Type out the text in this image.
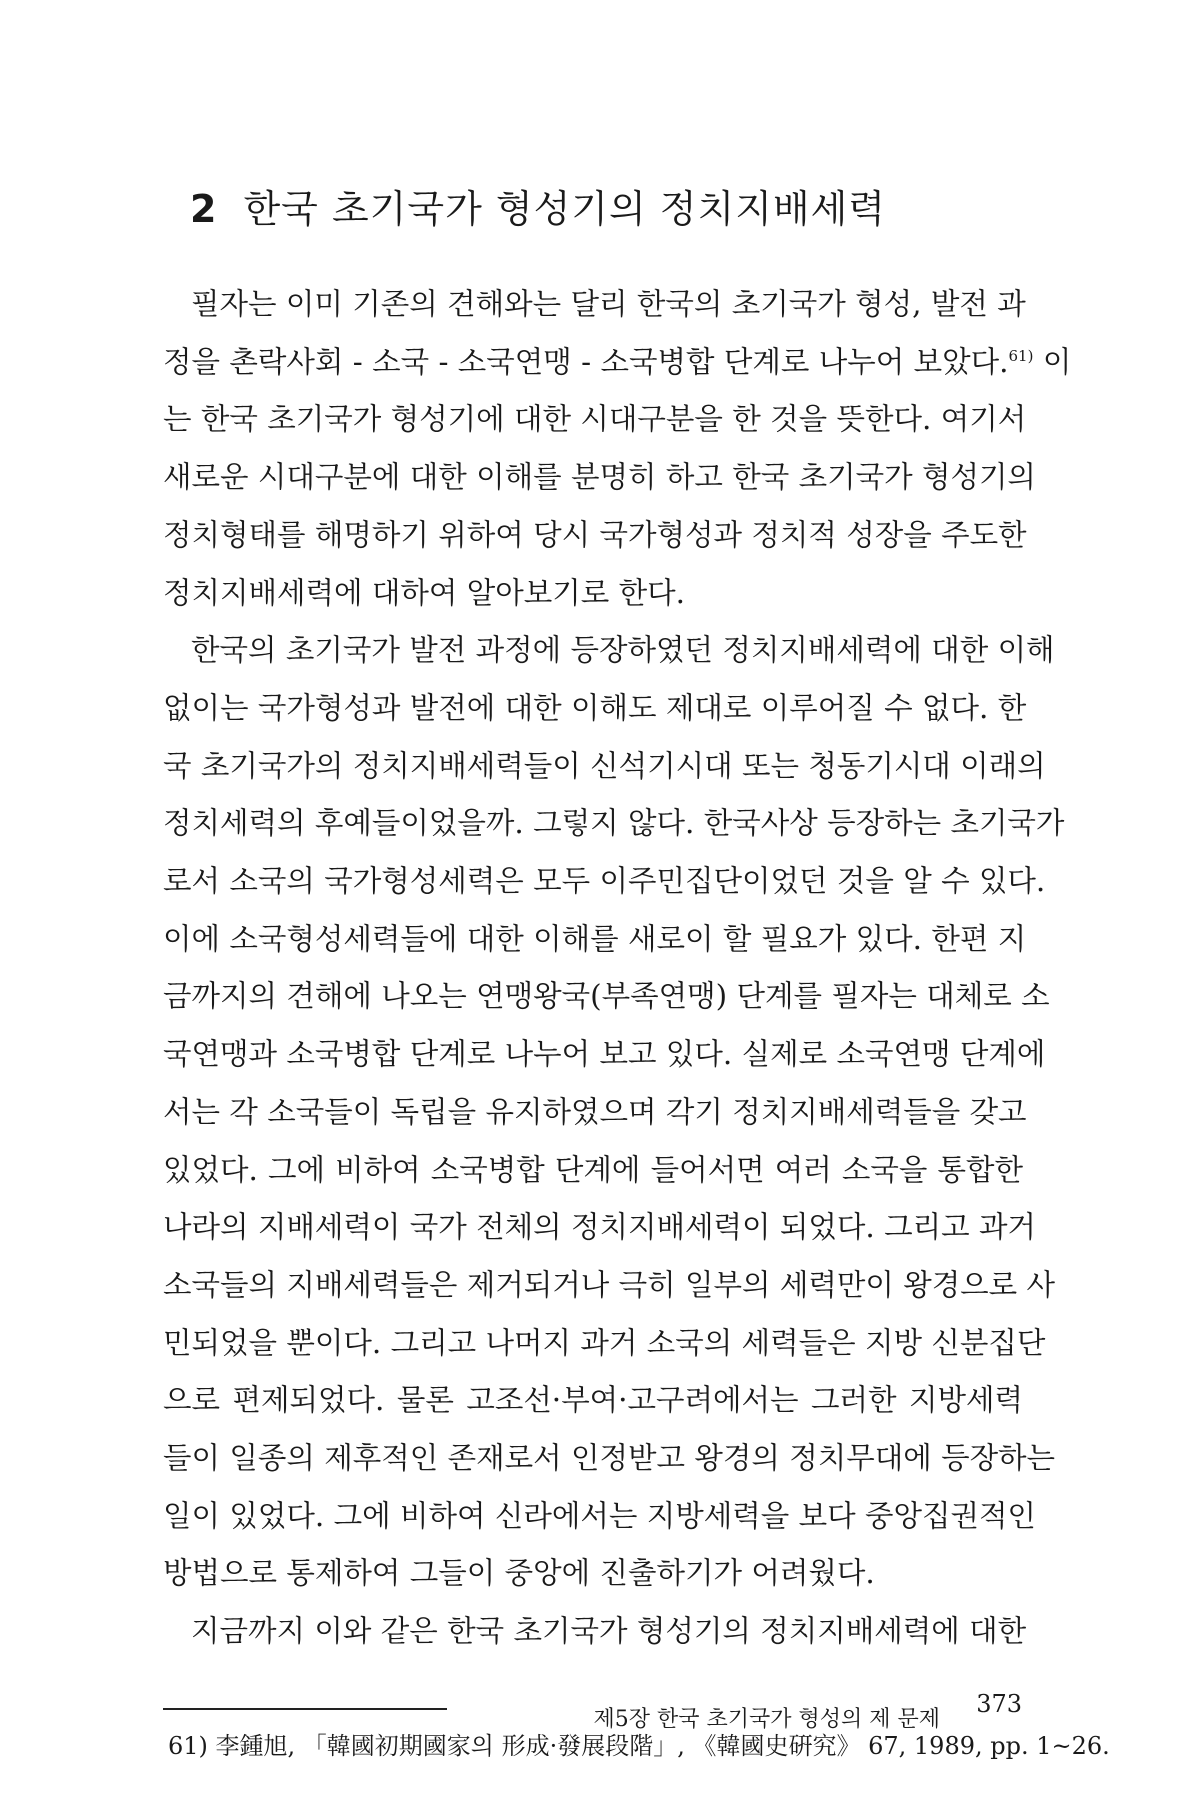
2 한국 초기국가 형성기의 정치지배세력

필자는 이미 기존의 견해와는 달리 한국의 초기국가 형성, 발전 과
정을 촌락사회 - 소국 - 소국연맹 - 소국병합 단계로 나누어 보았다.$^{61)}$ 이
는 한국 초기국가 형성기에 대한 시대구분을 한 것을 뜻한다. 여기서
새로운 시대구분에 대한 이해를 분명히 하고 한국 초기국가 형성기의
정치형태를 해명하기 위하여 당시 국가형성과 정치적 성장을 주도한
정치지배세력에 대하여 알아보기로 한다.

한국의 초기국가 발전 과정에 등장하였던 정치지배세력에 대한 이해
없이는 국가형성과 발전에 대한 이해도 제대로 이루어질 수 없다. 한
국 초기국가의 정치지배세력들이 신석기시대 또는 청동기시대 이래의
정치세력의 후예들이었을까. 그렇지 않다. 한국사상 등장하는 초기국가
로서 소국의 국가형성세력은 모두 이주민집단이었던 것을 알 수 있다.
이에 소국형성세력들에 대한 이해를 새로이 할 필요가 있다. 한편 지
금까지의 견해에 나오는 연맹왕국(부족연맹) 단계를 필자는 대체로 소
국연맹과 소국병합 단계로 나누어 보고 있다. 실제로 소국연맹 단계에
서는 각 소국들이 독립을 유지하였으며 각기 정치지배세력들을 갖고
있었다. 그에 비하여 소국병합 단계에 들어서면 여러 소국을 통합한
나라의 지배세력이 국가 전체의 정치지배세력이 되었다. 그리고 과거
소국들의 지배세력들은 제거되거나 극히 일부의 세력만이 왕경으로 사
민되었을 뿐이다. 그리고 나머지 과거 소국의 세력들은 지방 신분집단
으로 편제되었다. 물론 고조선·부여·고구려에서는 그러한 지방세력
들이 일종의 제후적인 존재로서 인정받고 왕경의 정치무대에 등장하는
일이 있었다. 그에 비하여 신라에서는 지방세력을 보다 중앙집권적인
방법으로 통제하여 그들이 중앙에 진출하기가 어려웠다.

지금까지 이와 같은 한국 초기국가 형성기의 정치지배세력에 대한

61) 李鍾旭, 「韓國初期國家의 形成·發展段階」, 《韓國史硏究》 67, 1989, pp. 1~26.
제5장 한국 초기국가 형성의 제 문제
373
